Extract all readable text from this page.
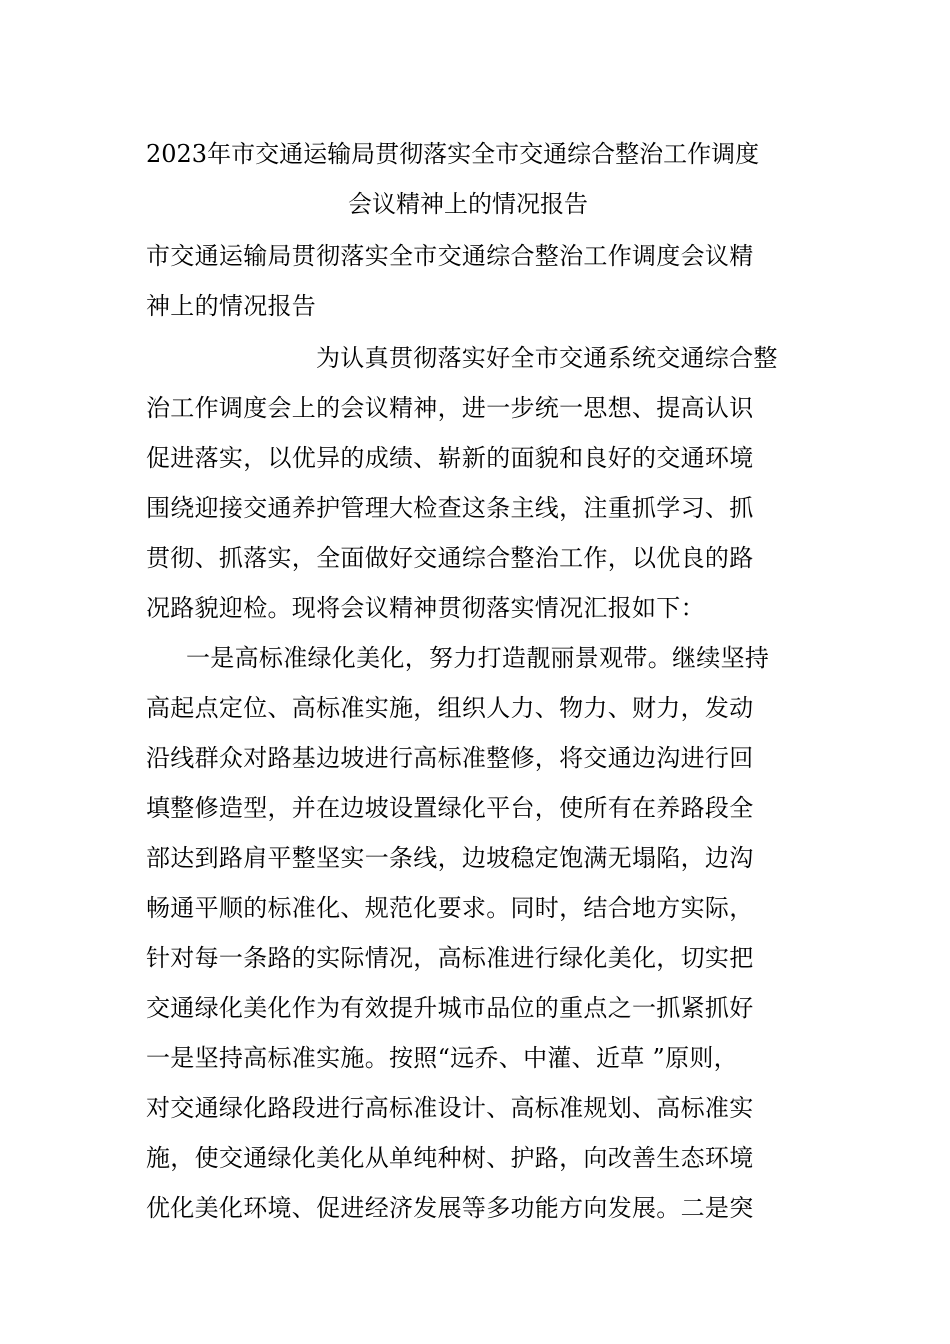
2023年市交通运输局贯彻落实全市交通综合整治工作调度
会议精神上的情况报告
市交通运输局贯彻落实全市交通综合整治工作调度会议精
神上的情况报告
为认真贯彻落实好全市交通系统交通综合整
治工作调度会上的会议精神，进一步统一思想、提高认识
促进落实，以优异的成绩、崭新的面貌和良好的交通环境
围绕迎接交通养护管理大检查这条主线，注重抓学习、抓
贯彻、抓落实，全面做好交通综合整治工作，以优良的路
况路貌迎检。现将会议精神贯彻落实情况汇报如下：
一是高标准绿化美化，努力打造靓丽景观带。继续坚持
高起点定位、高标准实施，组织人力、物力、财力，发动
沿线群众对路基边坡进行高标准整修，将交通边沟进行回
填整修造型，并在边坡设置绿化平台，使所有在养路段全
部达到路肩平整坚实一条线，边坡稳定饱满无塌陷，边沟
畅通平顺的标准化、规范化要求。同时，结合地方实际，
针对每一条路的实际情况，高标准进行绿化美化，切实把
交通绿化美化作为有效提升城市品位的重点之一抓紧抓好
一是坚持高标准实施。按照“远乔、中灌、近草 ”原则，
对交通绿化路段进行高标准设计、高标准规划、高标准实
施，使交通绿化美化从单纯种树、护路，向改善生态环境
优化美化环境、促进经济发展等多功能方向发展。二是突
